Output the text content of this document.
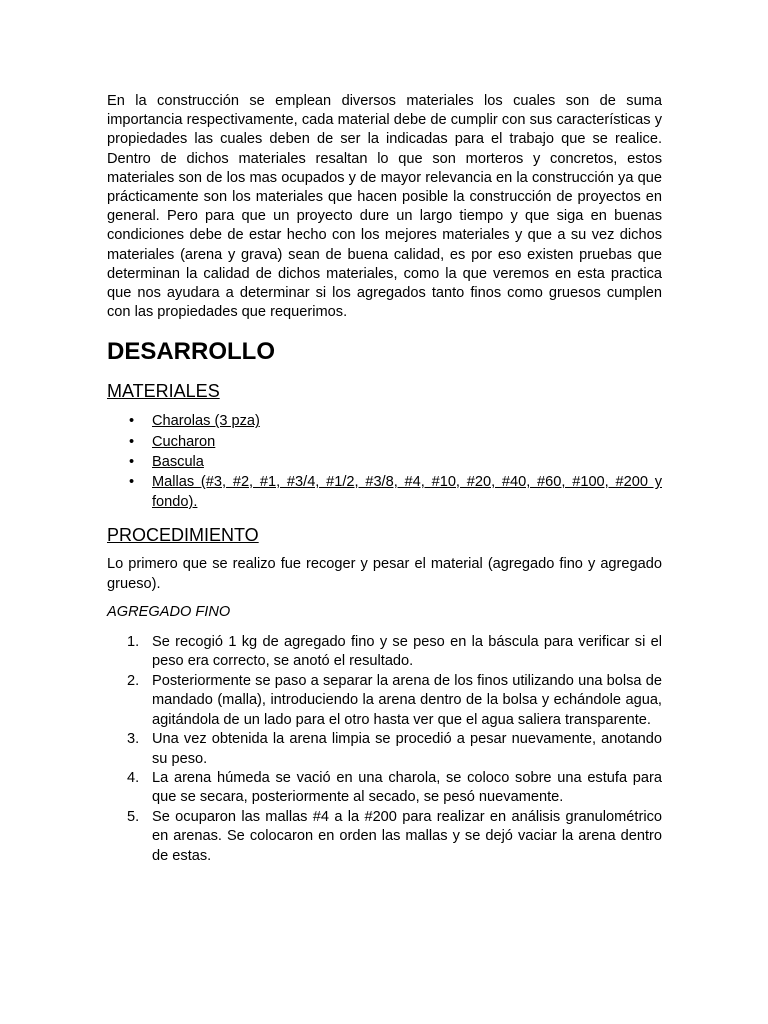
En la construcción se emplean diversos materiales los cuales son de suma importancia respectivamente, cada material debe de cumplir con sus características y propiedades las cuales deben de ser la indicadas para el trabajo que se realice. Dentro de dichos materiales resaltan lo que son morteros y concretos, estos materiales son de los mas ocupados y de mayor relevancia en la construcción ya que prácticamente son los materiales que hacen posible la construcción de proyectos en general. Pero para que un proyecto dure un largo tiempo y que siga en buenas condiciones debe de estar hecho con los mejores materiales y que a su vez dichos materiales (arena y grava) sean de buena calidad, es por eso existen pruebas que determinan la calidad de dichos materiales, como la que veremos en esta practica que nos ayudara a determinar si los agregados tanto finos como gruesos cumplen con las propiedades que requerimos.

DESARROLLO
MATERIALES
• Charolas (3 pza)
• Cucharon
• Bascula
• Mallas (#3, #2, #1, #3/4, #1/2, #3/8, #4, #10, #20, #40, #60, #100, #200 y fondo).
PROCEDIMIENTO

Lo primero que se realizo fue recoger y pesar el material (agregado fino y agregado grueso).

AGREGADO FINO
1. Se recogió 1 kg de agregado fino y se peso en la báscula para verificar si el peso era correcto, se anotó el resultado.
2. Posteriormente se paso a separar la arena de los finos utilizando una bolsa de mandado (malla), introduciendo la arena dentro de la bolsa y echándole agua, agitándola de un lado para el otro hasta ver que el agua saliera transparente.
3. Una vez obtenida la arena limpia se procedió a pesar nuevamente, anotando su peso.
4. La arena húmeda se vació en una charola, se coloco sobre una estufa para que se secara, posteriormente al secado, se pesó nuevamente.
5. Se ocuparon las mallas #4 a la #200 para realizar en análisis granulométrico en arenas. Se colocaron en orden las mallas y se dejó vaciar la arena dentro de estas.
